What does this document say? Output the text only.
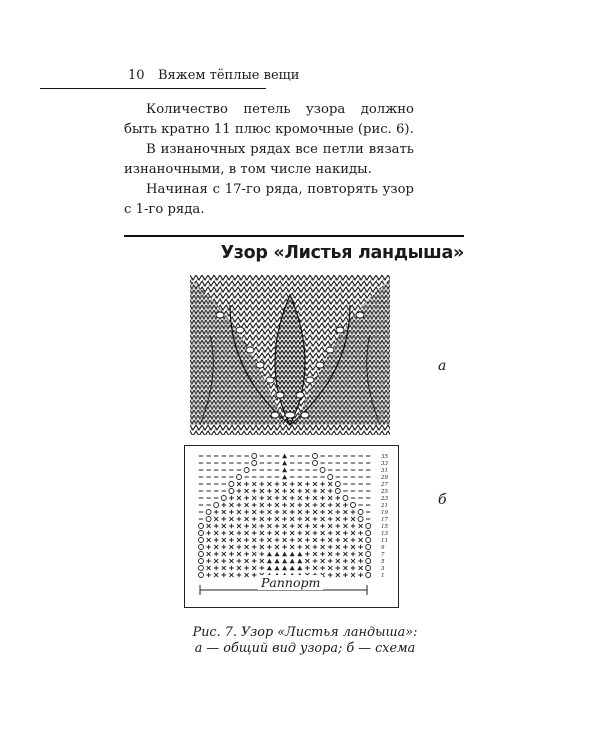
10 Вяжем тёплые вещи

Количество петель узора должно быть кратно 11 плюс кромочные (рис. 6).

В изнаночных рядах все петли вязать изнаночными, в том числе накиды.

Начиная с 17-го ряда, повторять узор с 1-го ряда.

Узор «Листья ландыша»
а
35
33
31
29
27
25
23
21
19
17
15
13
11
9
7
5
3
1
Раппорт
б
Рис. 7. Узор «Листья ландыша»:
а — общий вид узора; б — схема
